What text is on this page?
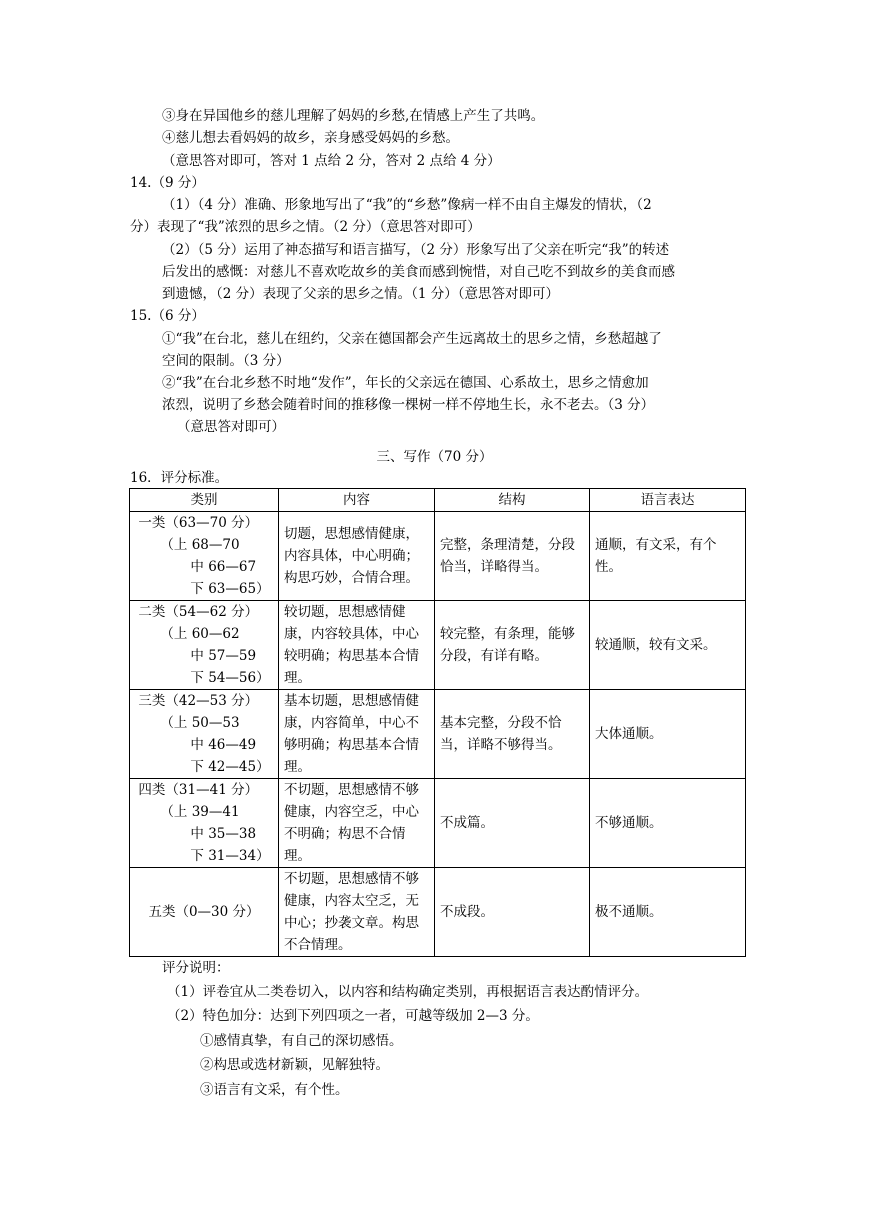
③身在异国他乡的慈儿理解了妈妈的乡愁,在情感上产生了共鸣。
④慈儿想去看妈妈的故乡，亲身感受妈妈的乡愁。
（意思答对即可，答对 1 点给 2 分，答对 2 点给 4 分）
14.（9 分）
（1）（4 分）准确、形象地写出了“我”的“乡愁”像病一样不由自主爆发的情状，（2
分）表现了“我”浓烈的思乡之情。（2 分）（意思答对即可）
（2）（5 分）运用了神态描写和语言描写，（2 分）形象写出了父亲在听完“我”的转述
后发出的感慨：对慈儿不喜欢吃故乡的美食而感到惋惜，对自己吃不到故乡的美食而感
到遗憾，（2 分）表现了父亲的思乡之情。（1 分）（意思答对即可）
15.（6 分）
①“我”在台北，慈儿在纽约，父亲在德国都会产生远离故土的思乡之情，乡愁超越了
空间的限制。（3 分）
②“我”在台北乡愁不时地“发作”，年长的父亲远在德国、心系故土，思乡之情愈加
浓烈，说明了乡愁会随着时间的推移像一棵树一样不停地生长，永不老去。（3 分）
（意思答对即可）
三、写作（70 分）
16．评分标准。
类别	内容	结构	语言表达

一类（63—70 分）
（上 68—70
中 66—67
下 63—65）	切题，思想感情健康，内容具体，中心明确；构思巧妙，合情合理。	完整，条理清楚，分段恰当，详略得当。	通顺，有文采，有个性。

二类（54—62 分）
（上 60—62
中 57—59
下 54—56）	较切题，思想感情健康，内容较具体，中心较明确；构思基本合情理。	较完整，有条理，能够分段，有详有略。	较通顺，较有文采。

三类（42—53 分）
（上 50—53
中 46—49
下 42—45）	基本切题，思想感情健康，内容简单，中心不够明确；构思基本合情理。	基本完整，分段不恰当，详略不够得当。	大体通顺。

四类（31—41 分）
（上 39—41
中 35—38
下 31—34）	不切题，思想感情不够健康，内容空乏，中心不明确；构思不合情理。	不成篇。	不够通顺。

五类（0—30 分）	不切题，思想感情不够健康，内容太空乏，无中心；抄袭文章。构思不合情理。	不成段。	极不通顺。
评分说明：
（1）评卷宜从二类卷切入，以内容和结构确定类别，再根据语言表达酌情评分。
（2）特色加分：达到下列四项之一者，可越等级加 2—3 分。
①感情真挚，有自己的深切感悟。
②构思或选材新颖，见解独特。
③语言有文采，有个性。
